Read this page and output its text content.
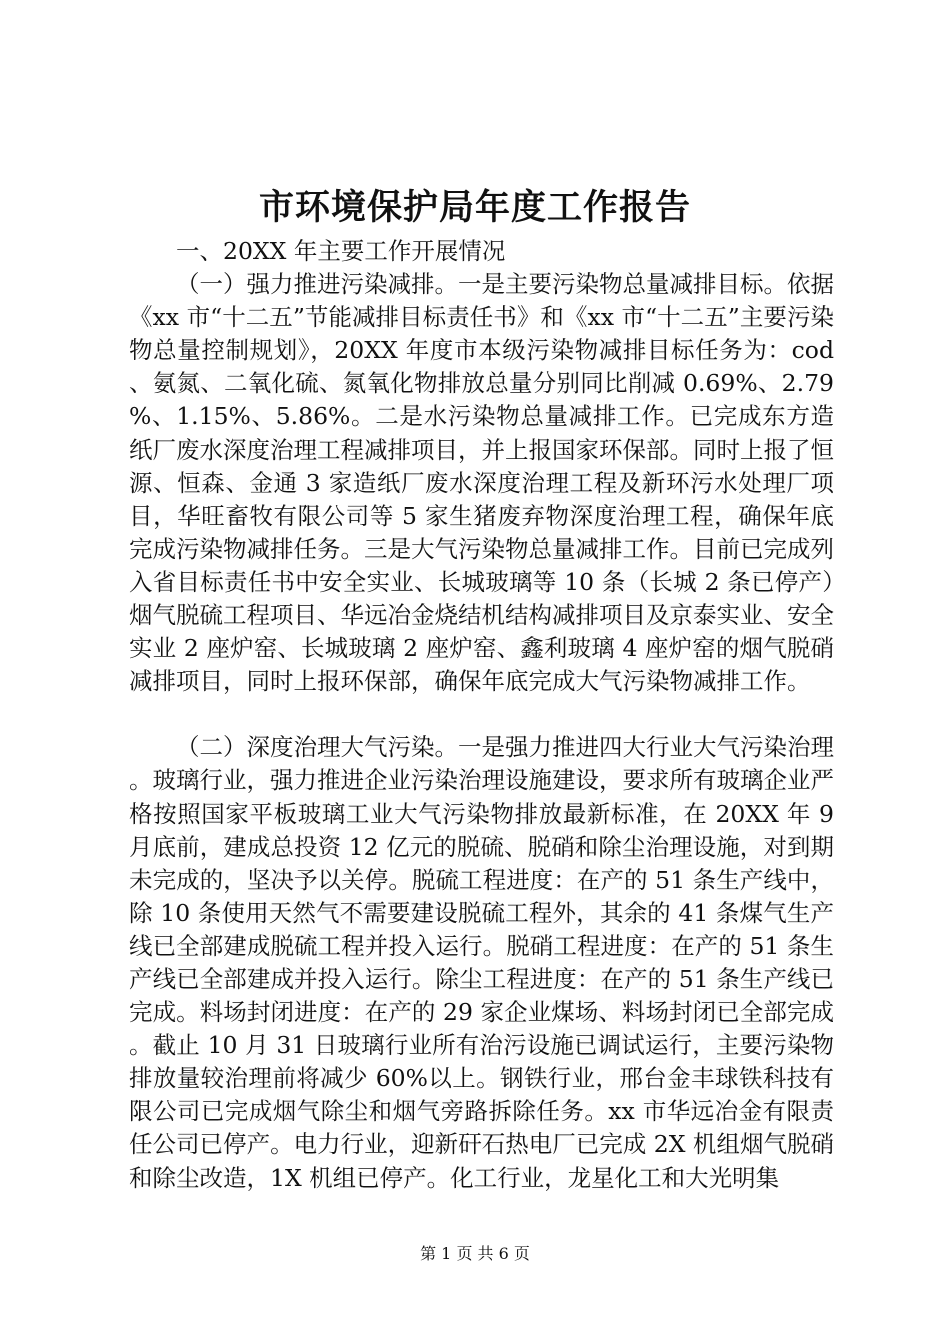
市环境保护局年度工作报告

一、20XX 年主要工作开展情况

（一）强力推进污染减排。一是主要污染物总量减排目标。依据《xx 市“十二五”节能减排目标责任书》和《xx 市“十二五”主要污染物总量控制规划》，20XX 年度市本级污染物减排目标任务为：cod、氨氮、二氧化硫、氮氧化物排放总量分别同比削减 0.69%、2.79%、1.15%、5.86%。二是水污染物总量减排工作。已完成东方造纸厂废水深度治理工程减排项目，并上报国家环保部。同时上报了恒源、恒森、金通 3 家造纸厂废水深度治理工程及新环污水处理厂项目，华旺畜牧有限公司等 5 家生猪废弃物深度治理工程，确保年底完成污染物减排任务。三是大气污染物总量减排工作。目前已完成列入省目标责任书中安全实业、长城玻璃等 10 条（长城 2 条已停产）烟气脱硫工程项目、华远冶金烧结机结构减排项目及京泰实业、安全实业 2 座炉窑、长城玻璃 2 座炉窑、鑫利玻璃 4 座炉窑的烟气脱硝减排项目，同时上报环保部，确保年底完成大气污染物减排工作。

（二）深度治理大气污染。一是强力推进四大行业大气污染治理。玻璃行业，强力推进企业污染治理设施建设，要求所有玻璃企业严格按照国家平板玻璃工业大气污染物排放最新标准，在 20XX 年 9 月底前，建成总投资 12 亿元的脱硫、脱硝和除尘治理设施，对到期未完成的，坚决予以关停。脱硫工程进度：在产的 51 条生产线中，除 10 条使用天然气不需要建设脱硫工程外，其余的 41 条煤气生产线已全部建成脱硫工程并投入运行。脱硝工程进度：在产的 51 条生产线已全部建成并投入运行。除尘工程进度：在产的 51 条生产线已完成。料场封闭进度：在产的 29 家企业煤场、料场封闭已全部完成。截止 10 月 31 日玻璃行业所有治污设施已调试运行，主要污染物排放量较治理前将减少 60%以上。钢铁行业，邢台金丰球铁科技有限公司已完成烟气除尘和烟气旁路拆除任务。xx 市华远冶金有限责任公司已停产。电力行业，迎新矸石热电厂已完成 2X 机组烟气脱硝和除尘改造，1X 机组已停产。化工行业，龙星化工和大光明集

第 1 页 共 6 页
